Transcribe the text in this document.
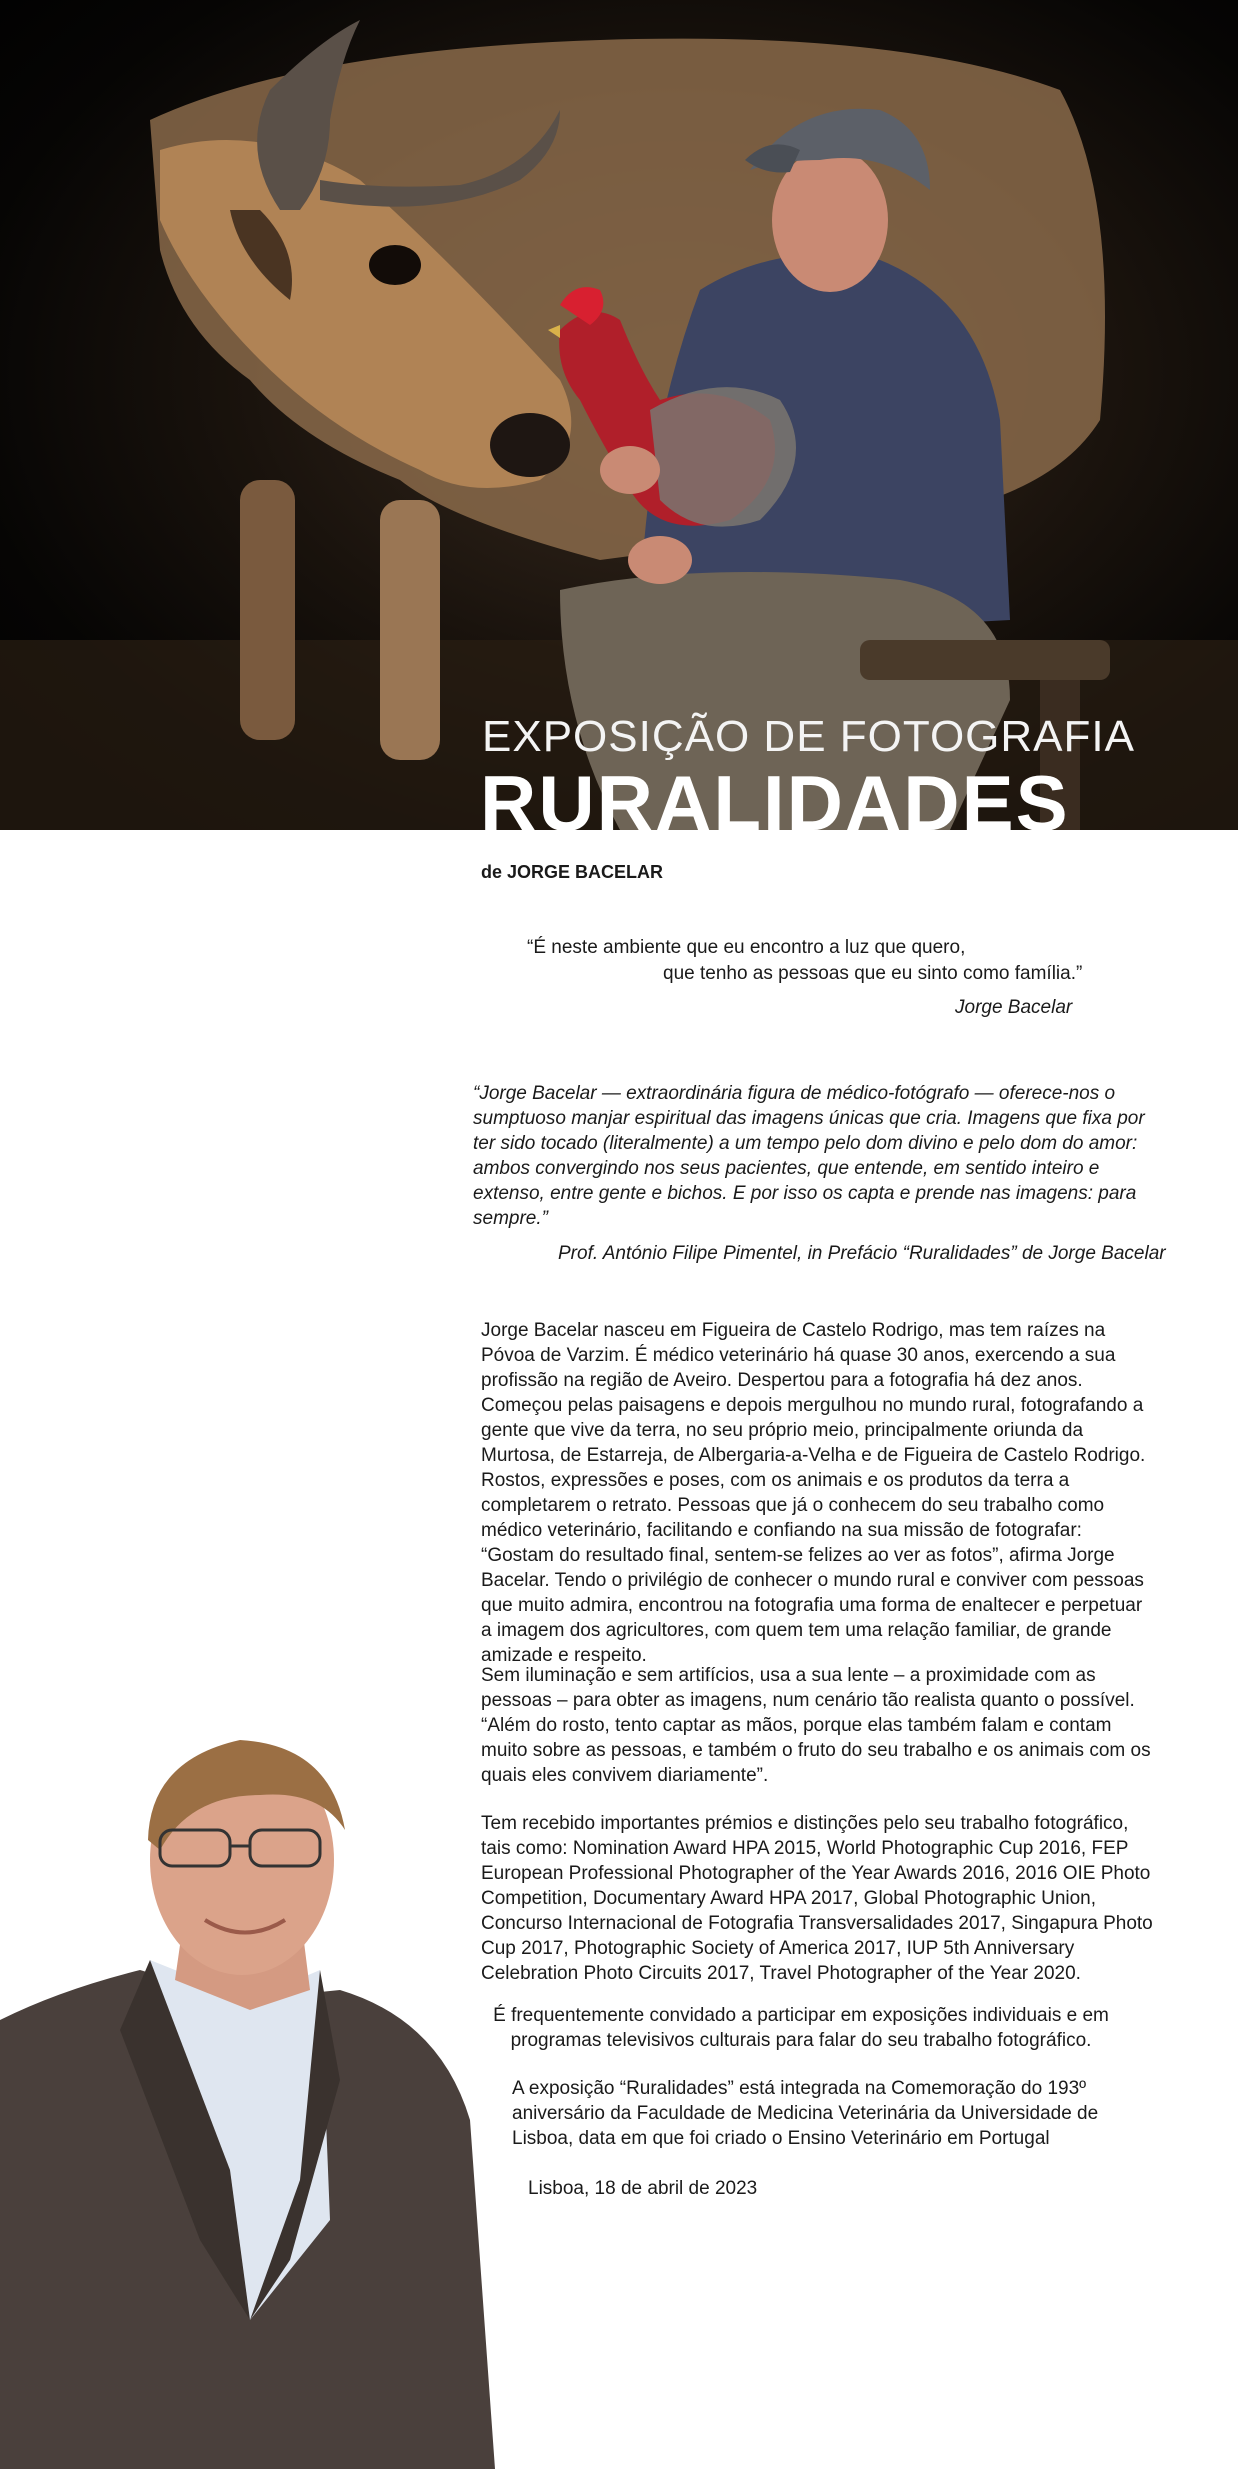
EXPOSIÇÃO DE FOTOGRAFIA
RURALIDADES
de JORGE BACELAR
“É neste ambiente que eu encontro a luz que quero,
que tenho as pessoas que eu sinto como família.”
Jorge Bacelar
“Jorge Bacelar — extraordinária figura de médico-fotógrafo — oferece-nos o sumptuoso manjar espiritual das imagens únicas que cria. Imagens que fixa por ter sido tocado (literalmente) a um tempo pelo dom divino e pelo dom do amor: ambos convergindo nos seus pacientes, que entende, em sentido inteiro e extenso, entre gente e bichos. E por isso os capta e prende nas imagens: para sempre.”
Prof. António Filipe Pimentel, in Prefácio “Ruralidades” de Jorge Bacelar

Jorge Bacelar nasceu em Figueira de Castelo Rodrigo, mas tem raízes na Póvoa de Varzim. É médico veterinário há quase 30 anos, exercendo a sua profissão na região de Aveiro. Despertou para a fotografia há dez anos. Começou pelas paisagens e depois mergulhou no mundo rural, fotografando a gente que vive da terra, no seu próprio meio, principalmente oriunda da Murtosa, de Estarreja, de Albergaria-a-Velha e de Figueira de Castelo Rodrigo. Rostos, expressões e poses, com os animais e os produtos da terra a completarem o retrato. Pessoas que já o conhecem do seu trabalho como médico veterinário, facilitando e confiando na sua missão de fotografar: “Gostam do resultado final, sentem-se felizes ao ver as fotos”, afirma Jorge Bacelar. Tendo o privilégio de conhecer o mundo rural e conviver com pessoas que muito admira, encontrou na fotografia uma forma de enaltecer e perpetuar a imagem dos agricultores, com quem tem uma relação familiar, de grande amizade e respeito.

Sem iluminação e sem artifícios, usa a sua lente – a proximidade com as pessoas – para obter as imagens, num cenário tão realista quanto o possível. “Além do rosto, tento captar as mãos, porque elas também falam e contam muito sobre as pessoas, e também o fruto do seu trabalho e os animais com os quais eles convivem diariamente”.

Tem recebido importantes prémios e distinções pelo seu trabalho fotográfico, tais como: Nomination Award HPA 2015, World Photographic Cup 2016, FEP European Professional Photographer of the Year Awards 2016, 2016 OIE Photo Competition, Documentary Award HPA 2017, Global Photographic Union, Concurso Internacional de Fotografia Transversalidades 2017, Singapura Photo Cup 2017, Photographic Society of America 2017, IUP 5th Anniversary Celebration Photo Circuits 2017, Travel Photographer of the Year 2020.

É frequentemente convidado a participar em exposições individuais e em programas televisivos culturais para falar do seu trabalho fotográfico.
A exposição “Ruralidades” está integrada na Comemoração do 193º aniversário da Faculdade de Medicina Veterinária da Universidade de Lisboa, data em que foi criado o Ensino Veterinário em Portugal
Lisboa, 18 de abril de 2023
